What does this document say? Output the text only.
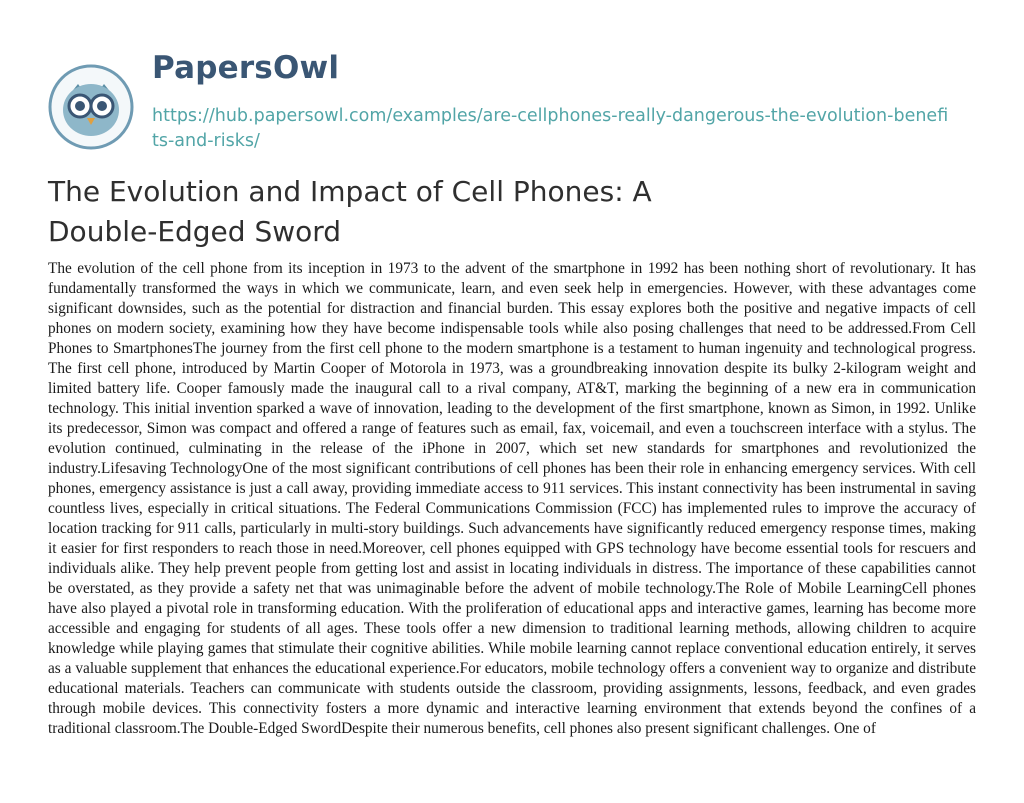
PapersOwl
https://hub.papersowl.com/examples/are-cellphones-really-dangerous-the-evolution-benefits-and-risks/
The Evolution and Impact of Cell Phones: A Double-Edged Sword

The evolution of the cell phone from its inception in 1973 to the advent of the smartphone in 1992 has been nothing short of revolutionary. It has fundamentally transformed the ways in which we communicate, learn, and even seek help in emergencies. However, with these advantages come significant downsides, such as the potential for distraction and financial burden. This essay explores both the positive and negative impacts of cell phones on modern society, examining how they have become indispensable tools while also posing challenges that need to be addressed.From Cell Phones to SmartphonesThe journey from the first cell phone to the modern smartphone is a testament to human ingenuity and technological progress. The first cell phone, introduced by Martin Cooper of Motorola in 1973, was a groundbreaking innovation despite its bulky 2-kilogram weight and limited battery life. Cooper famously made the inaugural call to a rival company, AT&T, marking the beginning of a new era in communication technology. This initial invention sparked a wave of innovation, leading to the development of the first smartphone, known as Simon, in 1992. Unlike its predecessor, Simon was compact and offered a range of features such as email, fax, voicemail, and even a touchscreen interface with a stylus. The evolution continued, culminating in the release of the iPhone in 2007, which set new standards for smartphones and revolutionized the industry.Lifesaving TechnologyOne of the most significant contributions of cell phones has been their role in enhancing emergency services. With cell phones, emergency assistance is just a call away, providing immediate access to 911 services. This instant connectivity has been instrumental in saving countless lives, especially in critical situations. The Federal Communications Commission (FCC) has implemented rules to improve the accuracy of location tracking for 911 calls, particularly in multi-story buildings. Such advancements have significantly reduced emergency response times, making it easier for first responders to reach those in need.Moreover, cell phones equipped with GPS technology have become essential tools for rescuers and individuals alike. They help prevent people from getting lost and assist in locating individuals in distress. The importance of these capabilities cannot be overstated, as they provide a safety net that was unimaginable before the advent of mobile technology.The Role of Mobile LearningCell phones have also played a pivotal role in transforming education. With the proliferation of educational apps and interactive games, learning has become more accessible and engaging for students of all ages. These tools offer a new dimension to traditional learning methods, allowing children to acquire knowledge while playing games that stimulate their cognitive abilities. While mobile learning cannot replace conventional education entirely, it serves as a valuable supplement that enhances the educational experience.For educators, mobile technology offers a convenient way to organize and distribute educational materials. Teachers can communicate with students outside the classroom, providing assignments, lessons, feedback, and even grades through mobile devices. This connectivity fosters a more dynamic and interactive learning environment that extends beyond the confines of a traditional classroom.The Double-Edged SwordDespite their numerous benefits, cell phones also present significant challenges. One of
